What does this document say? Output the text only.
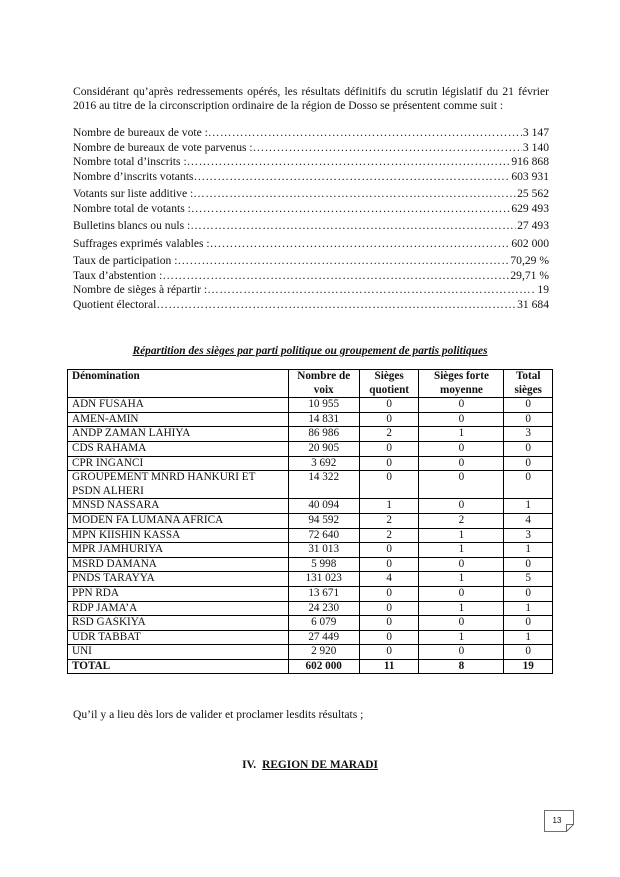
Considérant qu’après redressements opérés, les résultats définitifs du scrutin législatif du 21 février 2016 au titre de la circonscription ordinaire de la région de Dosso se présentent comme suit :

Nombre de bureaux de vote : …………………………………………………………………………………………………………………………………………	3 147
Nombre de bureaux de vote parvenus : …………………………………………………………………………………………………………………………………………	3 140
Nombre total d’inscrits : …………………………………………………………………………………………………………………………………………	916 868
Nombre d’inscrits votants …………………………………………………………………………………………………………………………………………	603 931
Votants sur liste additive : …………………………………………………………………………………………………………………………………………	25 562
Nombre total de votants : …………………………………………………………………………………………………………………………………………	629 493
Bulletins blancs ou nuls : …………………………………………………………………………………………………………………………………………	27 493
Suffrages exprimés valables : …………………………………………………………………………………………………………………………………………	602 000
Taux de participation : …………………………………………………………………………………………………………………………………………	70,29 %
Taux d’abstention : …………………………………………………………………………………………………………………………………………	29,71 %
Nombre de sièges à répartir : …………………………………………………………………………………………………………………………………………	19
Quotient électoral …………………………………………………………………………………………………………………………………………	31 684
Répartition des sièges par parti politique ou groupement de partis politiques
Dénomination	Nombre de voix	Sièges quotient	Sièges forte moyenne	Total sièges
ADN FUSAHA	10 955	0	0	0
AMEN-AMIN	14 831	0	0	0
ANDP ZAMAN LAHIYA	86 986	2	1	3
CDS RAHAMA	20 905	0	0	0
CPR INGANCI	3 692	0	0	0
GROUPEMENT MNRD HANKURI ET PSDN ALHERI	14 322	0	0	0
MNSD NASSARA	40 094	1	0	1
MODEN FA LUMANA AFRICA	94 592	2	2	4
MPN KIISHIN KASSA	72 640	2	1	3
MPR JAMHURIYA	31 013	0	1	1
MSRD DAMANA	5 998	0	0	0
PNDS TARAYYA	131 023	4	1	5
PPN RDA	13 671	0	0	0
RDP JAMA’A	24 230	0	1	1
RSD GASKIYA	6 079	0	0	0
UDR TABBAT	27 449	0	1	1
UNI	2 920	0	0	0
TOTAL	602 000	11	8	19
Qu’il y a lieu dès lors de valider et proclamer lesdits résultats ;
IV. REGION DE MARADI
13
